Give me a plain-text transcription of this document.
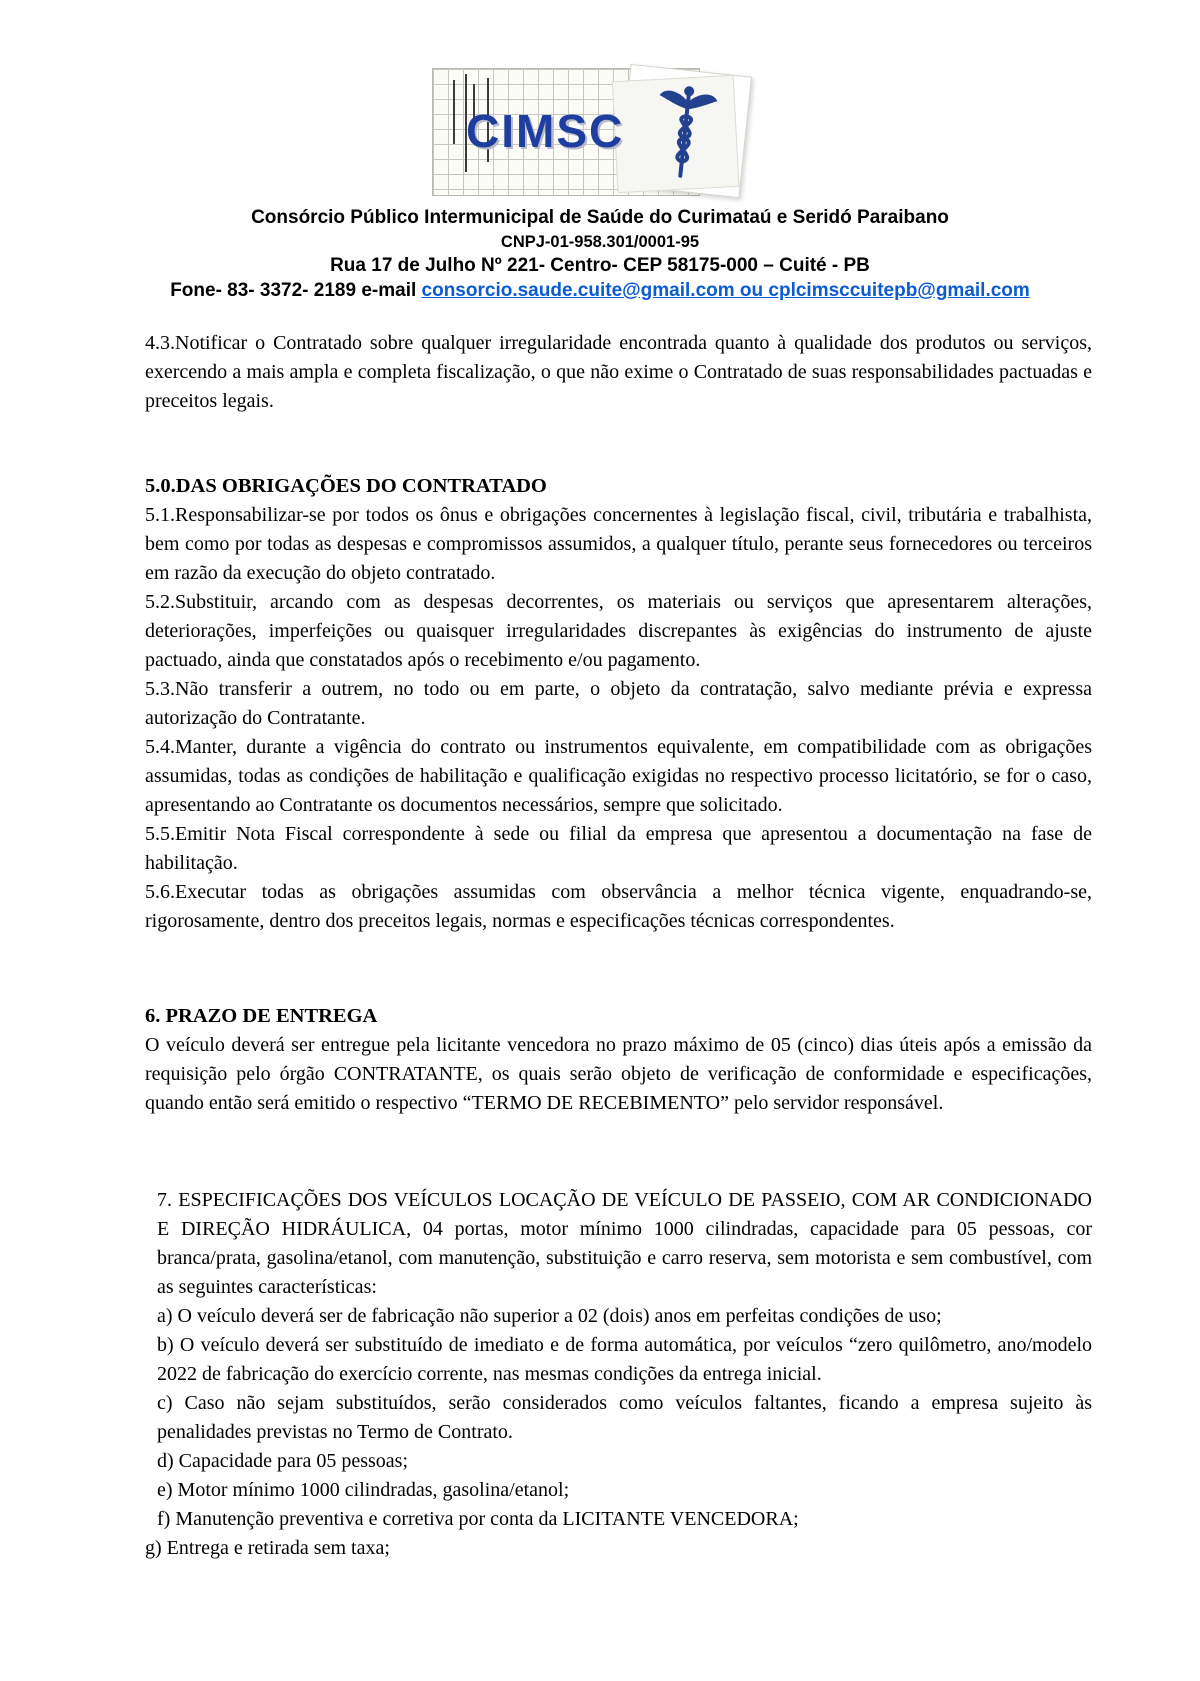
CIMSC
Consórcio Público Intermunicipal de Saúde do Curimataú e Seridó Paraibano
CNPJ-01-958.301/0001-95
Rua 17 de Julho Nº 221- Centro- CEP 58175-000 – Cuité - PB
Fone- 83- 3372- 2189 e-mail consorcio.saude.cuite@gmail.com ou cplcimsccuitepb@gmail.com

4.3.Notificar o Contratado sobre qualquer irregularidade encontrada quanto à qualidade dos produtos ou serviços, exercendo a mais ampla e completa fiscalização, o que não exime o Contratado de suas responsabilidades pactuadas e preceitos legais.

5.0.DAS OBRIGAÇÕES DO CONTRATADO

5.1.Responsabilizar-se por todos os ônus e obrigações concernentes à legislação fiscal, civil, tributária e trabalhista, bem como por todas as despesas e compromissos assumidos, a qualquer título, perante seus fornecedores ou terceiros em razão da execução do objeto contratado.

5.2.Substituir, arcando com as despesas decorrentes, os materiais ou serviços que apresentarem alterações, deteriorações, imperfeições ou quaisquer irregularidades discrepantes às exigências do instrumento de ajuste pactuado, ainda que constatados após o recebimento e/ou pagamento.

5.3.Não transferir a outrem, no todo ou em parte, o objeto da contratação, salvo mediante prévia e expressa autorização do Contratante.

5.4.Manter, durante a vigência do contrato ou instrumentos equivalente, em compatibilidade com as obrigações assumidas, todas as condições de habilitação e qualificação exigidas no respectivo processo licitatório, se for o caso, apresentando ao Contratante os documentos necessários, sempre que solicitado.

5.5.Emitir Nota Fiscal correspondente à sede ou filial da empresa que apresentou a documentação na fase de habilitação.

5.6.Executar todas as obrigações assumidas com observância a melhor técnica vigente, enquadrando-se, rigorosamente, dentro dos preceitos legais, normas e especificações técnicas correspondentes.

6. PRAZO DE ENTREGA

O veículo deverá ser entregue pela licitante vencedora no prazo máximo de 05 (cinco) dias úteis após a emissão da requisição pelo órgão CONTRATANTE, os quais serão objeto de verificação de conformidade e especificações, quando então será emitido o respectivo “TERMO DE RECEBIMENTO” pelo servidor responsável.

7. ESPECIFICAÇÕES DOS VEÍCULOS LOCAÇÃO DE VEÍCULO DE PASSEIO, COM AR CONDICIONADO E DIREÇÃO HIDRÁULICA, 04 portas, motor mínimo 1000 cilindradas, capacidade para 05 pessoas, cor branca/prata, gasolina/etanol, com manutenção, substituição e carro reserva, sem motorista e sem combustível, com as seguintes características:

a) O veículo deverá ser de fabricação não superior a 02 (dois) anos em perfeitas condições de uso;

b) O veículo deverá ser substituído de imediato e de forma automática, por veículos “zero quilômetro, ano/modelo 2022 de fabricação do exercício corrente, nas mesmas condições da entrega inicial.

c) Caso não sejam substituídos, serão considerados como veículos faltantes, ficando a empresa sujeito às penalidades previstas no Termo de Contrato.

d) Capacidade para 05 pessoas;

e) Motor mínimo 1000 cilindradas, gasolina/etanol;

f) Manutenção preventiva e corretiva por conta da LICITANTE VENCEDORA;

g) Entrega e retirada sem taxa;
